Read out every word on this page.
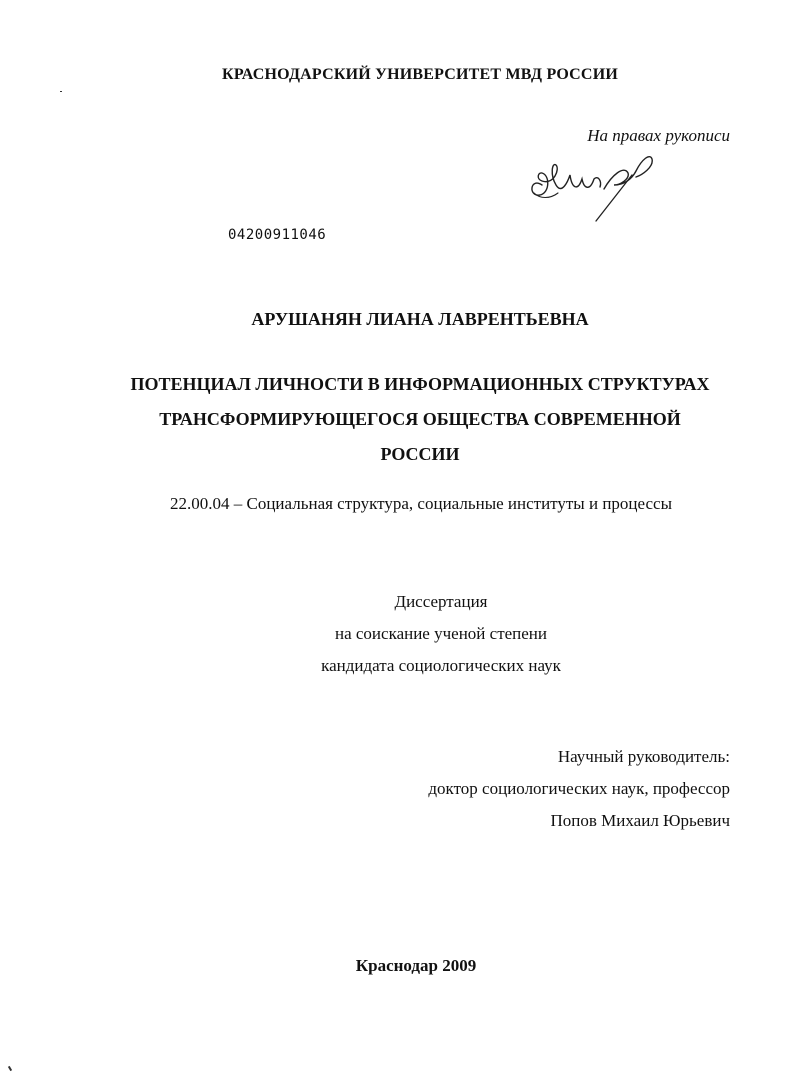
КРАСНОДАРСКИЙ УНИВЕРСИТЕТ МВД РОССИИ
На правах рукописи
04200911046
АРУШАНЯН ЛИАНА ЛАВРЕНТЬЕВНА
ПОТЕНЦИАЛ ЛИЧНОСТИ В ИНФОРМАЦИОННЫХ СТРУКТУРАХ
ТРАНСФОРМИРУЮЩЕГОСЯ ОБЩЕСТВА СОВРЕМЕННОЙ
РОССИИ
22.00.04 – Социальная структура, социальные институты и процессы
Диссертация
на соискание ученой степени
кандидата социологических наук
Научный руководитель:
доктор социологических наук, профессор
Попов Михаил Юрьевич
Краснодар 2009
